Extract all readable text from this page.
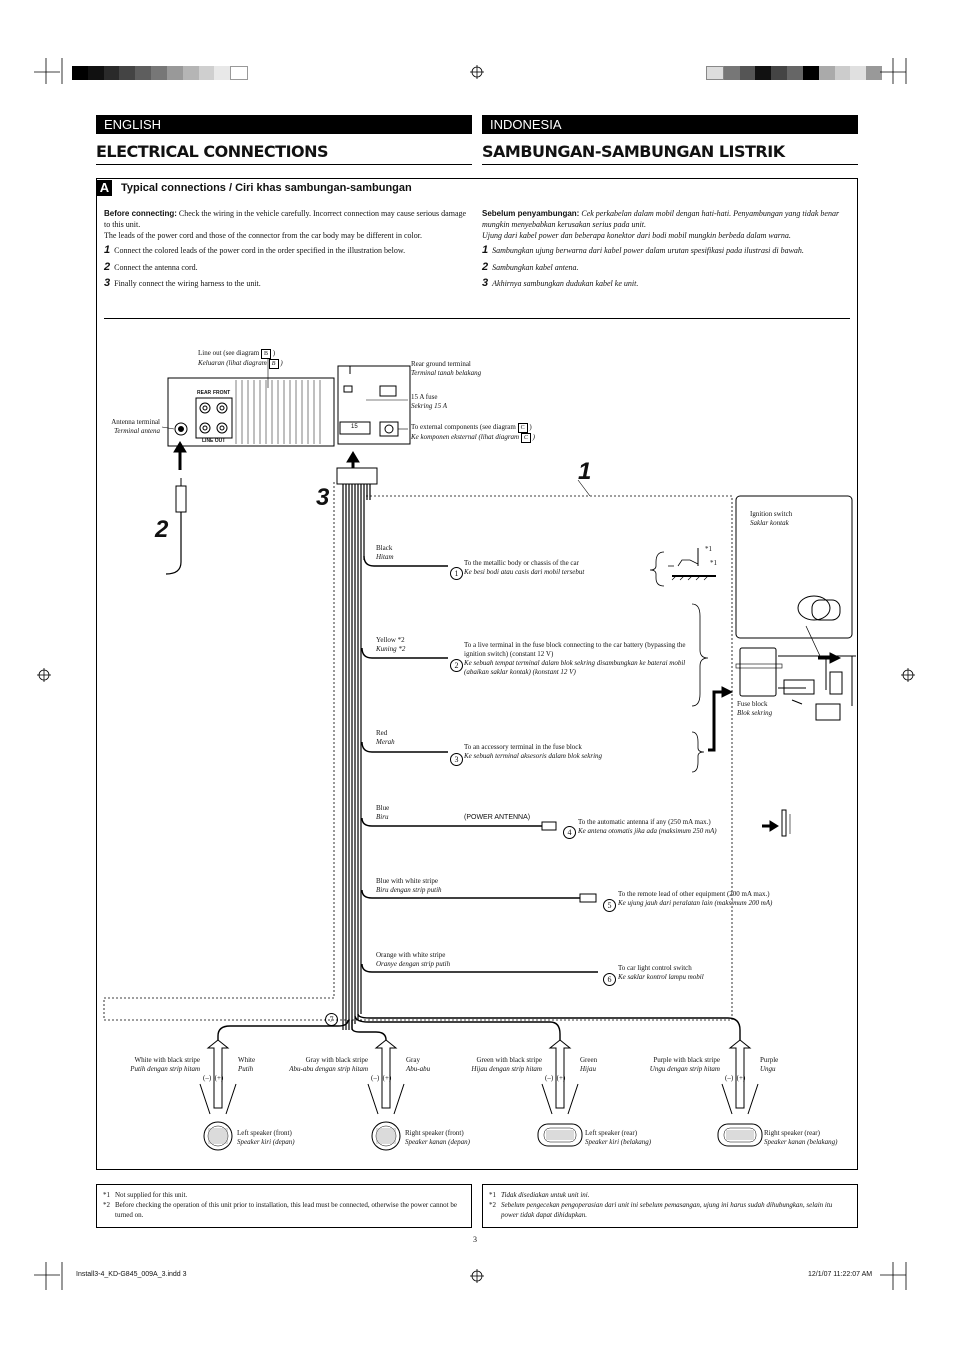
ENGLISH	INDONESIA
ELECTRICAL CONNECTIONS	SAMBUNGAN-SAMBUNGAN LISTRIK
A Typical connections / Ciri khas sambungan-sambungan
Before connecting: Check the wiring in the vehicle carefully. Incorrect connection may cause serious damage to this unit.
The leads of the power cord and those of the connector from the car body may be different in color.
1 Connect the colored leads of the power cord in the order specified in the illustration below.
2 Connect the antenna cord.
3 Finally connect the wiring harness to the unit.
Sebelum penyambungan: Cek perkabelan dalam mobil dengan hati-hati. Penyambungan yang tidak benar mungkin menyebabkan kerusakan serius pada unit.
Ujung dari kabel power dan beberapa konektor dari bodi mobil mungkin berbeda dalam warna.
1 Sambungkan ujung berwarna dari kabel power dalam urutan spesifikasi pada ilustrasi di bawah.
2 Sambungkan kabel antena.
3 Akhirnya sambungkan dudukan kabel ke unit.
Line out (see diagram B )
Keluaran (lihat diagram B )	Rear ground terminal
Terminal tanah belakang
15 A fuse
Sekring 15 A
To external components (see diagram C )
Ke komponen eksternal (lihat diagram C )
Antenna terminal
Terminal antena
REAR FRONT
LINE OUT
15
1
2
3
Ignition switch
Saklar kontak
Fuse block
Blok sekring
*1
*1
Black
Hitam
1
To the metallic body or chassis of the car
Ke besi bodi atau casis dari mobil tersebut
Yellow *2
Kuning *2
2
To a live terminal in the fuse block connecting to the car battery (bypassing the ignition switch) (constant 12 V)
Ke sebuah tempat terminal dalam blok sekring disambungkan ke baterai mobil (abaikan saklar kontak) (konstant 12 V)
Red
Merah
3
To an accessory terminal in the fuse block
Ke sebuah terminal aksesoris dalam blok sekring
Blue
Biru	(POWER ANTENNA)
4
To the automatic antenna if any (250 mA max.)
Ke antena otomatis jika ada (maksimum 250 mA)
Blue with white stripe
Biru dengan strip putih
5
To the remote lead of other equipment (200 mA max.)
Ke ujung jauh dari peralatan lain (maksimum 200 mA)
Orange with white stripe
Oranye dengan strip putih
6
To car light control switch
Ke saklar kontrol lampu mobil
7
White with black stripe
Putih dengan strip hitam
White
Putih
(–) (+)
Left speaker (front)
Speaker kiri (depan)
Gray with black stripe
Abu-abu dengan strip hitam
Gray
Abu-abu
(–) (+)
Right speaker (front)
Speaker kanan (depan)
Green with black stripe
Hijau dengan strip hitam
Green
Hijau
(–) (+)
Left speaker (rear)
Speaker kiri (belakang)
Purple with black stripe
Ungu dengan strip hitam
Purple
Ungu
(–) (+)
Right speaker (rear)
Speaker kanan (belakang)
*1 Not supplied for this unit.
*2 Before checking the operation of this unit prior to installation, this lead must be connected, otherwise the power cannot be turned on.
*1 Tidak disediakan untuk unit ini.
*2 Sebelum pengecekan pengoperasian dari unit ini sebelum pemasangan, ujung ini harus sudah dihubungkan, selain itu power tidak dapat dihidupkan.
3
Install3-4_KD-G845_009A_3.indd 3	12/1/07 11:22:07 AM
